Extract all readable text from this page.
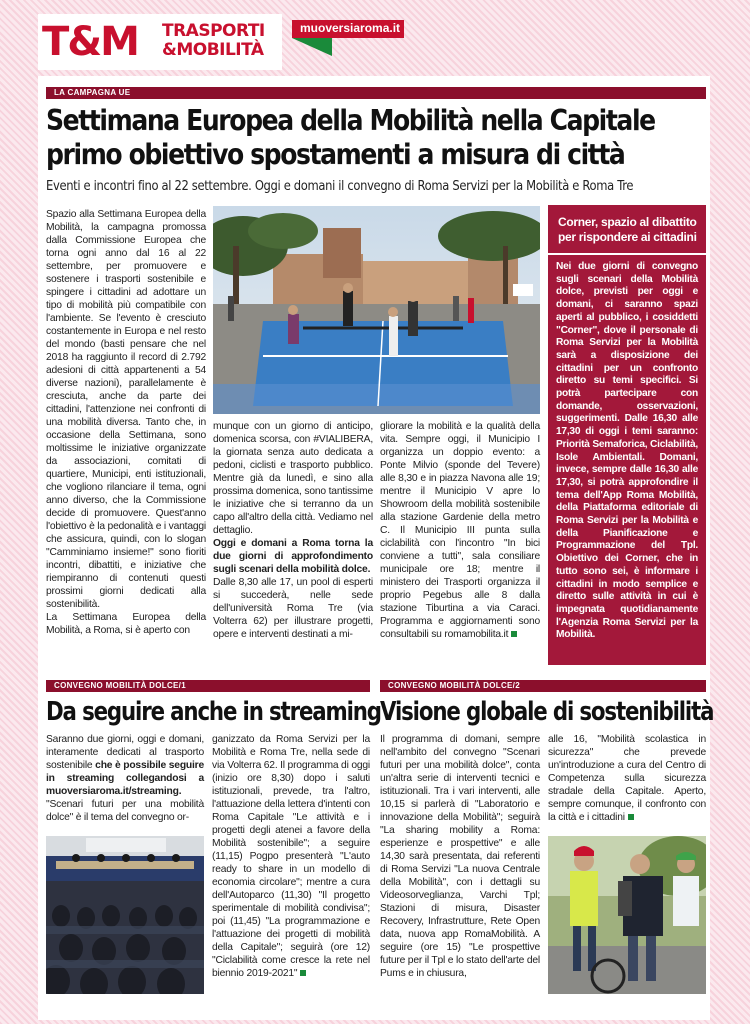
T&M TRASPORTI
&MOBILITÀ
muoversiaroma.it
LA CAMPAGNA UE
Settimana Europea della Mobilità nella Capitale
primo obiettivo spostamenti a misura di città
Eventi e incontri fino al 22 settembre. Oggi e domani il convegno di Roma Servizi per la Mobilità e Roma Tre

Spazio alla Settimana Europea della Mobilità, la campagna promossa dalla Commissione Europea che torna ogni anno dal 16 al 22 settembre, per promuovere e sostenere i trasporti sostenibile e spingere i cittadini ad adottare un tipo di mobilità più compatibile con l'ambiente. Se l'evento è cresciuto costantemente in Europa e nel resto del mondo (basti pensare che nel 2018 ha raggiunto il record di 2.792 adesioni di città appartenenti a 54 diverse nazioni), parallelamente è cresciuta, anche da parte dei cittadini, l'attenzione nei confronti di una mobilità diversa. Tanto che, in occasione della Settimana, sono moltissime le iniziative organizzate da associazioni, comitati di quartiere, Municipi, enti istituzionali, che vogliono rilanciare il tema, ogni anno diverso, che la Commissione decide di promuovere. Quest'anno l'obiettivo è la pedonalità e i vantaggi che assicura, quindi, con lo slogan "Camminiamo insieme!" sono fioriti incontri, dibattiti, e iniziative che riempiranno di contenuti questi prossimi giorni dedicati alla sostenibilità.

La Settimana Europea della Mobilità, a Roma, si è aperto con

munque con un giorno di anticipo, domenica scorsa, con #VIALIBERA, la giornata senza auto dedicata a pedoni, ciclisti e trasporto pubblico. Mentre già da lunedì, e sino alla prossima domenica, sono tantissime le iniziative che si terranno da un capo all'altro della città. Vediamo nel dettaglio.

Oggi e domani a Roma torna la due giorni di approfondimento sugli scenari della mobilità dolce.

Dalle 8,30 alle 17, un pool di esperti si succederà, nelle sede dell'università Roma Tre (via Volterra 62) per illustrare progetti, opere e interventi destinati a mi-

gliorare la mobilità e la qualità della vita. Sempre oggi, il Municipio I organizza un doppio evento: a Ponte Milvio (sponde del Tevere) alle 8,30 e in piazza Navona alle 19; mentre il Municipio V apre lo Showroom della mobilità sostenibile alla stazione Gardenie della metro C. Il Municipio III punta sulla ciclabilità con l'incontro "In bici conviene a tutti", sala consiliare municipale ore 18; mentre il ministero dei Trasporti organizza il proprio Pegebus alle 8 dalla stazione Tiburtina a via Caraci. Programma e aggiornamenti sono consultabili su romamobilita.it

Corner, spazio al dibattito per rispondere ai cittadini
Nei due giorni di convegno sugli scenari della Mobilità dolce, previsti per oggi e domani, ci saranno spazi aperti al pubblico, i cosiddetti "Corner", dove il personale di Roma Servizi per la Mobilità sarà a disposizione dei cittadini per un confronto diretto su temi specifici. Si potrà partecipare con domande, osservazioni, suggerimenti. Dalle 16,30 alle 17,30 di oggi i temi saranno: Priorità Semaforica, Ciclabilità, Isole Ambientali. Domani, invece, sempre dalle 16,30 alle 17,30, si potrà approfondire il tema dell'App Roma Mobilità, della Piattaforma editoriale di Roma Servizi per la Mobilità e della Pianificazione e Programmazione del Tpl. Obiettivo dei Corner, che in tutto sono sei, è informare i cittadini in modo semplice e diretto sulle attività in cui è impegnata quotidianamente l'Agenzia Roma Servizi per la Mobilità.
CONVEGNO MOBILITÀ DOLCE/1
Da seguire anche in streaming

Saranno due giorni, oggi e domani, interamente dedicati al trasporto sostenibile che è possibile seguire in streaming collegandosi a muoversiaroma.it/streaming. "Scenari futuri per una mobilità dolce" è il tema del convegno or-

ganizzato da Roma Servizi per la Mobilità e Roma Tre, nella sede di via Volterra 62. Il programma di oggi (inizio ore 8,30) dopo i saluti istituzionali, prevede, tra l'altro, l'attuazione della lettera d'intenti con Roma Capitale "Le attività e i progetti degli atenei a favore della Mobilità sostenibile"; a seguire (11,15) Pogpo presenterà "L'auto ready to share in un modello di economia circolare"; mentre a cura dell'Autoparco (11,30) "Il progetto sperimentale di mobilità condivisa"; poi (11,45) "La programmazione e l'attuazione dei progetti di mobilità della Capitale"; seguirà (ore 12) "Ciclabilità come cresce la rete nel biennio 2019-2021"

CONVEGNO MOBILITÀ DOLCE/2
Visione globale di sostenibilità

Il programma di domani, sempre nell'ambito del convegno "Scenari futuri per una mobilità dolce", conta un'altra serie di interventi tecnici e istituzionali. Tra i vari interventi, alle 10,15 si parlerà di "Laboratorio e innovazione della Mobilità"; seguirà "La sharing mobility a Roma: esperienze e prospettive" e alle 14,30 sarà presentata, dai referenti di Roma Servizi "La nuova Centrale della Mobilità", con i dettagli su Videosorveglianza, Varchi Tpl; Stazioni di misura, Disaster Recovery, Infrastrutture, Rete Open data, nuova app RomaMobilità. A seguire (ore 15) "Le prospettive future per il Tpl e lo stato dell'arte del Pums e in chiusura,

alle 16, "Mobilità scolastica in sicurezza" che prevede un'introduzione a cura del Centro di Competenza sulla sicurezza stradale della Capitale. Aperto, sempre comunque, il confronto con la città e i cittadini
